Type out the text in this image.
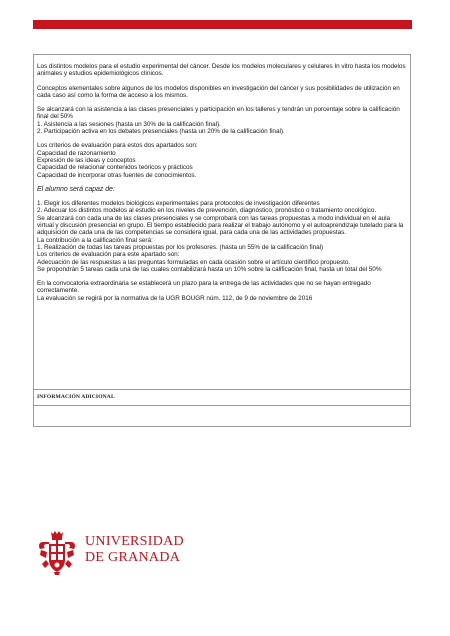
Los distintos modelos para el estudio experimental del cáncer. Desde los modelos moleculares y celulares In vitro hasta los modelos animales y estudios epidemiológicos clínicos.

Conceptos elementales sobre algunos de los modelos disponibles en investigación del cáncer y sus posibilidades de utilización en cada caso así como la forma de acceso a los mismos.

Se alcanzará con la asistencia a las clases presenciales y participación en los talleres y tendrán un porcentaje sobre la calificación final del 50%

1. Asistencia a las sesiones (hasta un 30% de la calificación final).

2. Participación activa en los debates presenciales (hasta un 20% de la calificación final).

Los criterios de evaluación para estos dos apartados son:

Capacidad de razonamiento

Expresión de las ideas y conceptos

Capacidad de relacionar contenidos teóricos y prácticos

Capacidad de incorporar otras fuentes de conocimientos.

El alumno será capaz de:

1. Elegir los diferentes modelos biológicos experimentales para protocolos de investigación diferentes

2. Adecuar los distintos modelos al estudio en los niveles de prevención, diagnóstico, pronóstico o tratamiento oncológico.

Se alcanzará con cada una de las clases presenciales y se comprobará con las tareas propuestas a modo individual en el aula virtual y discusión presencial en grupo. El tiempo establecido para realizar el trabajo autónomo y el autoaprendizaje tutelado para la adquisición de cada una de las competencias se considera igual, para cada una de las actividades propuestas.

La contribución a la calificación final será:

1. Realización de todas las tareas propuestas por los profesores. (hasta un 55% de la calificación final)

Los criterios de evaluación para este apartado son:

Adecuación de las respuestas a las preguntas formuladas en cada ocasión sobre el artículo científico propuesto.

Se propondrán 5 tareas cada una de las cuales contabilizará hasta un 10% sobre la calificación final, hasta un total del 50%

En la convocatoria extraordinaria se establecerá un plazo para la entrega de las actividades que no se hayan entregado correctamente.

La evaluación se regirá por la normativa de la UGR BOUGR núm. 112, de 9 de noviembre de 2016

INFORMACIÓN ADICIONAL
UNIVERSIDAD
DE GRANADA
